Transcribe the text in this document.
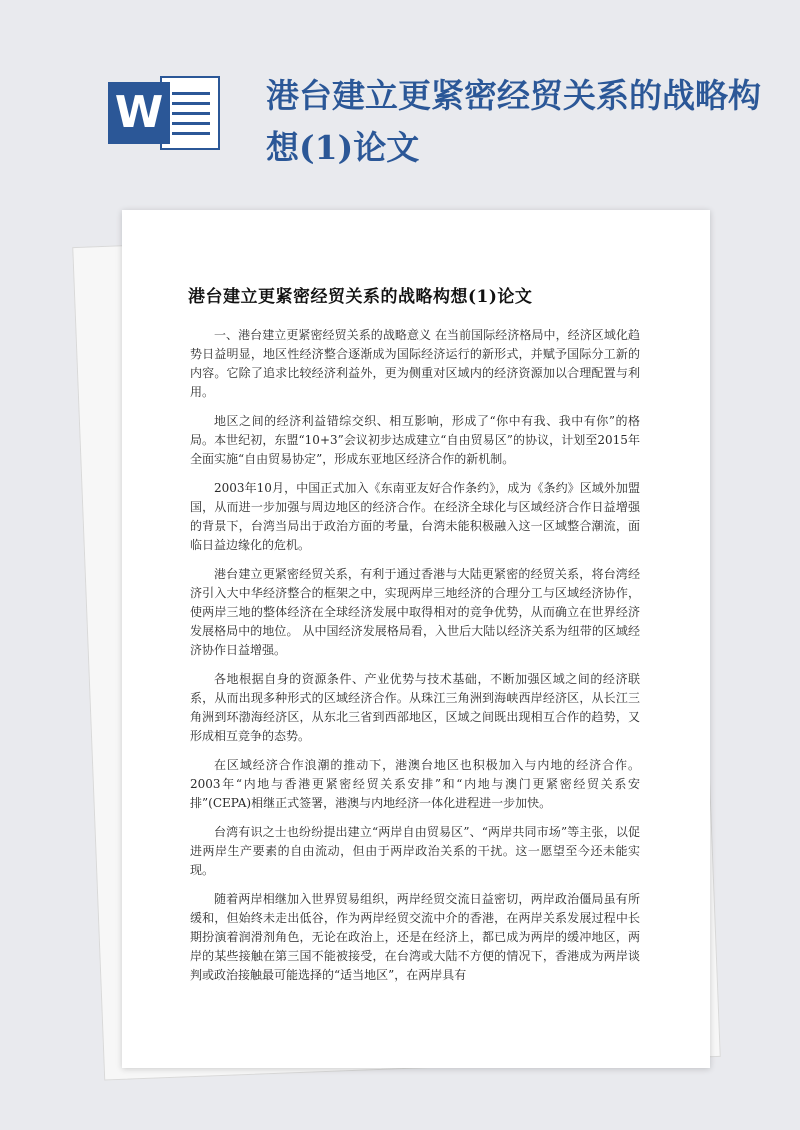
W	港台建立更紧密经贸关系的战略构想(1)论文
港台建立更紧密经贸关系的战略构想(1)论文

一、港台建立更紧密经贸关系的战略意义 在当前国际经济格局中，经济区域化趋势日益明显，地区性经济整合逐渐成为国际经济运行的新形式，并赋予国际分工新的内容。它除了追求比较经济利益外，更为侧重对区域内的经济资源加以合理配置与利用。

地区之间的经济利益错综交织、相互影响，形成了“你中有我、我中有你”的格局。本世纪初，东盟“10+3”会议初步达成建立“自由贸易区”的协议，计划至2015年全面实施“自由贸易协定”，形成东亚地区经济合作的新机制。

2003年10月，中国正式加入《东南亚友好合作条约》，成为《条约》区域外加盟国，从而进一步加强与周边地区的经济合作。在经济全球化与区域经济合作日益增强的背景下，台湾当局出于政治方面的考量，台湾未能积极融入这一区域整合潮流，面临日益边缘化的危机。

港台建立更紧密经贸关系，有利于通过香港与大陆更紧密的经贸关系，将台湾经济引入大中华经济整合的框架之中，实现两岸三地经济的合理分工与区域经济协作，使两岸三地的整体经济在全球经济发展中取得相对的竞争优势，从而确立在世界经济发展格局中的地位。 从中国经济发展格局看，入世后大陆以经济关系为纽带的区域经济协作日益增强。

各地根据自身的资源条件、产业优势与技术基础，不断加强区域之间的经济联系，从而出现多种形式的区域经济合作。从珠江三角洲到海峡西岸经济区，从长江三角洲到环渤海经济区，从东北三省到西部地区，区域之间既出现相互合作的趋势，又形成相互竞争的态势。

在区域经济合作浪潮的推动下，港澳台地区也积极加入与内地的经济合作。2003年“内地与香港更紧密经贸关系安排”和“内地与澳门更紧密经贸关系安排”(CEPA)相继正式签署，港澳与内地经济一体化进程进一步加快。

台湾有识之士也纷纷提出建立“两岸自由贸易区”、“两岸共同市场”等主张，以促进两岸生产要素的自由流动，但由于两岸政治关系的干扰。这一愿望至今还未能实现。

随着两岸相继加入世界贸易组织，两岸经贸交流日益密切，两岸政治僵局虽有所缓和，但始终未走出低谷，作为两岸经贸交流中介的香港，在两岸关系发展过程中长期扮演着润滑剂角色，无论在政治上，还是在经济上，都已成为两岸的缓冲地区，两岸的某些接触在第三国不能被接受，在台湾或大陆不方便的情况下，香港成为两岸谈判或政治接触最可能选择的“适当地区”，在两岸具有
